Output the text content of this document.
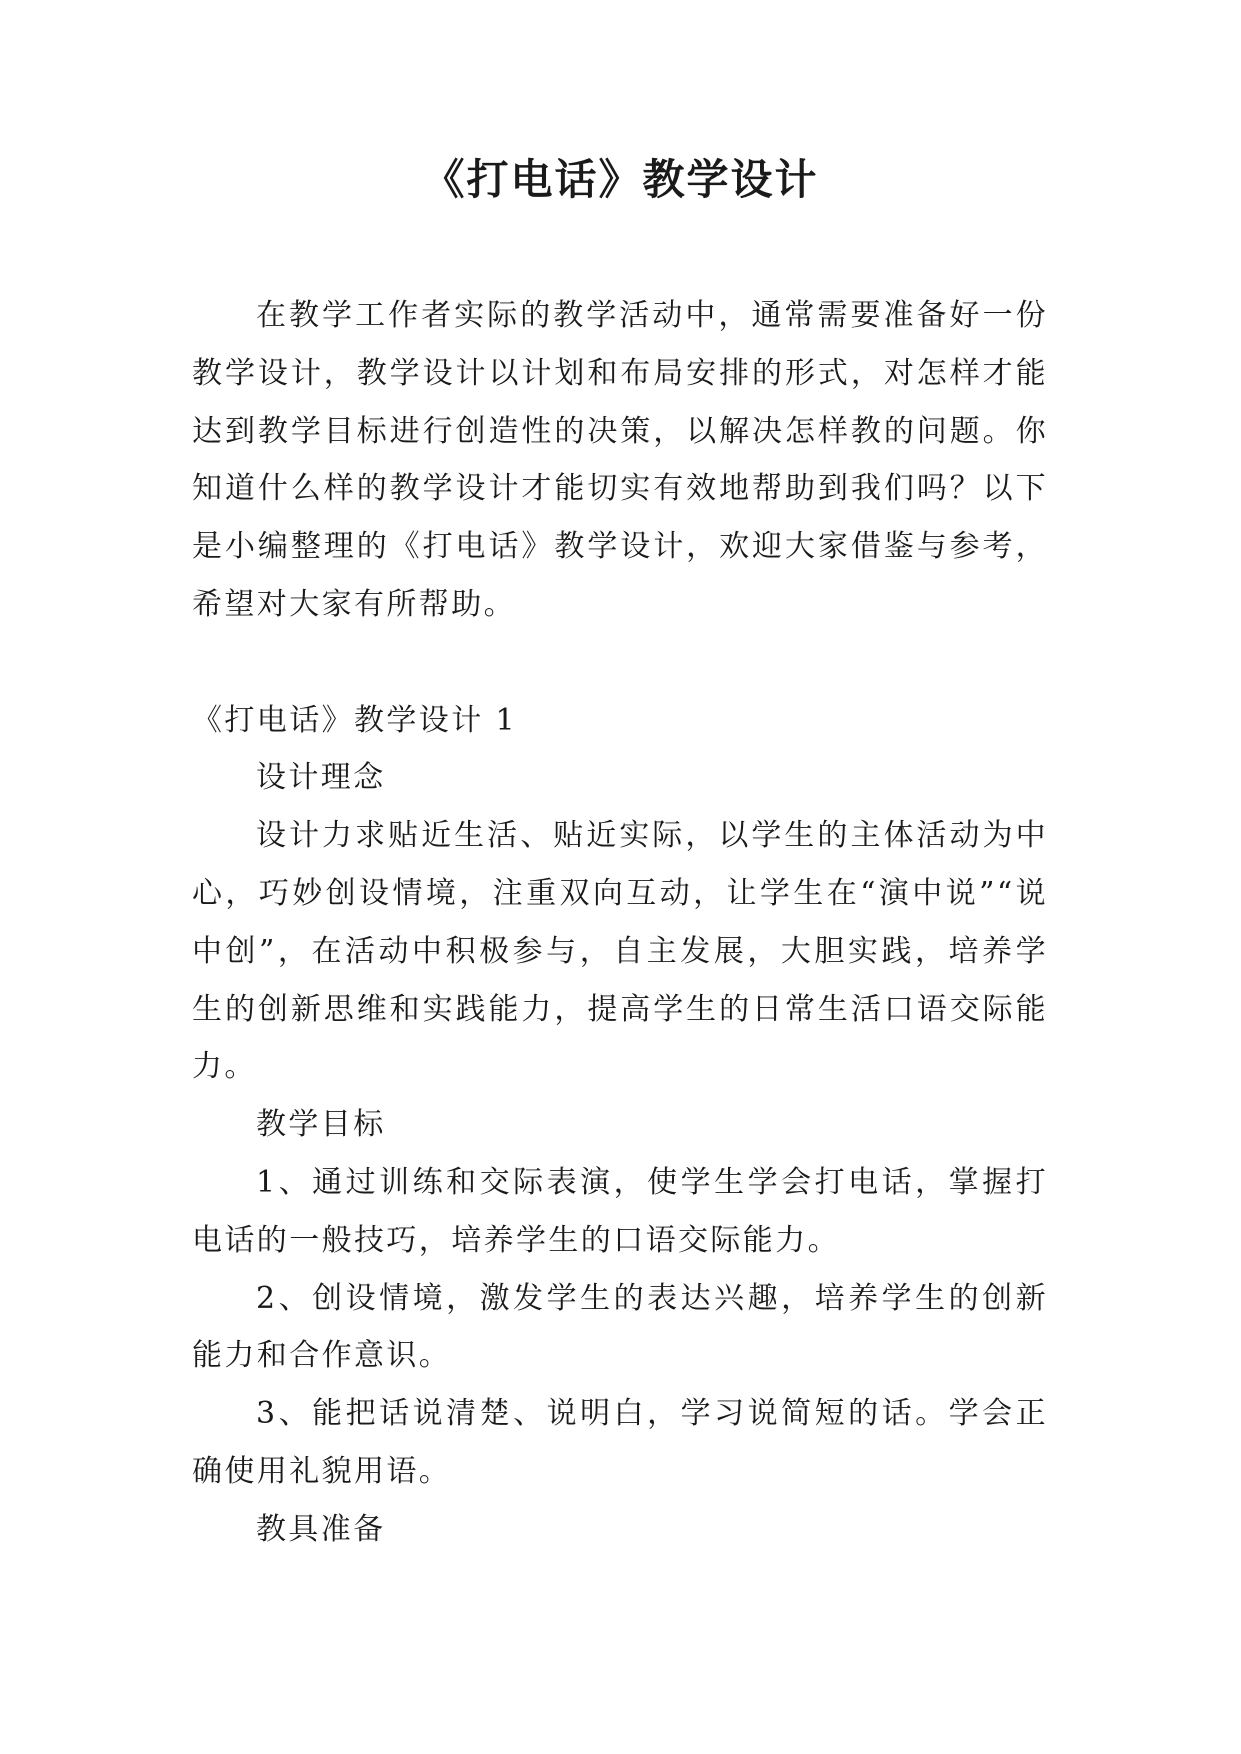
《打电话》教学设计

在教学工作者实际的教学活动中，通常需要准备好一份教学设计，教学设计以计划和布局安排的形式，对怎样才能达到教学目标进行创造性的决策，以解决怎样教的问题。你知道什么样的教学设计才能切实有效地帮助到我们吗？以下是小编整理的《打电话》教学设计，欢迎大家借鉴与参考，希望对大家有所帮助。

《打电话》教学设计 1

设计理念

设计力求贴近生活、贴近实际，以学生的主体活动为中心，巧妙创设情境，注重双向互动，让学生在“演中说”“说中创”，在活动中积极参与，自主发展，大胆实践，培养学生的创新思维和实践能力，提高学生的日常生活口语交际能力。

教学目标

1、通过训练和交际表演，使学生学会打电话，掌握打电话的一般技巧，培养学生的口语交际能力。

2、创设情境，激发学生的表达兴趣，培养学生的创新能力和合作意识。

3、能把话说清楚、说明白，学习说简短的话。学会正确使用礼貌用语。

教具准备
